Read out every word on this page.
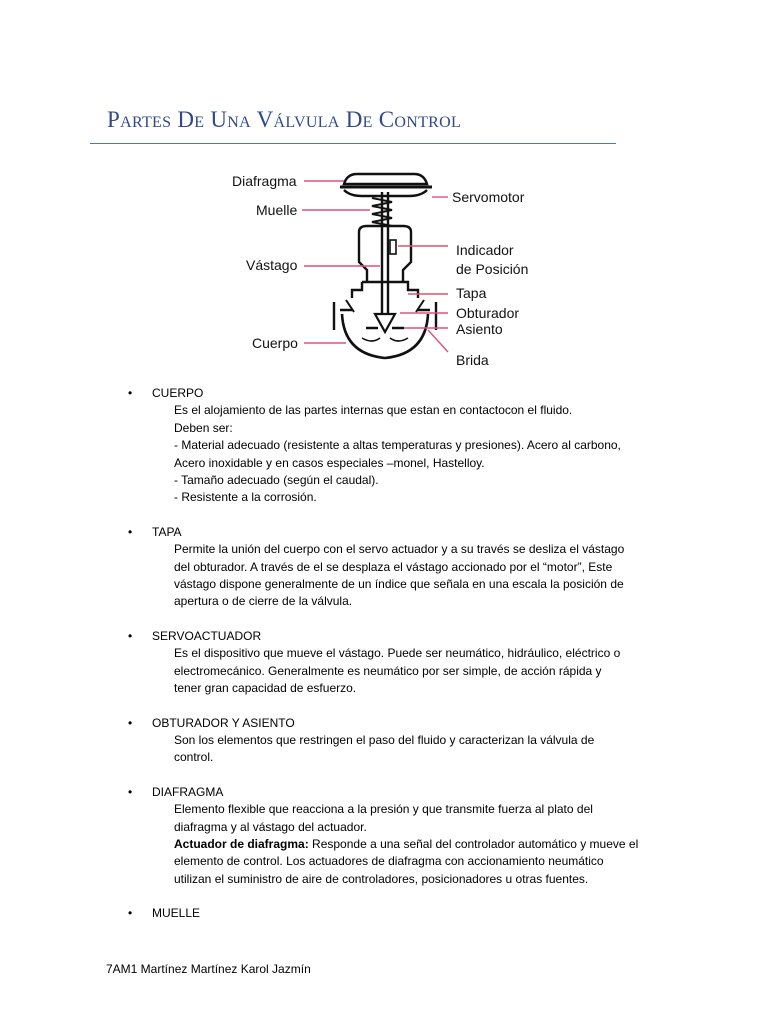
Partes De Una Válvula De Control
Diafragma
Muelle
Vástago
Cuerpo
Servomotor
Indicador
de Posición
Tapa
Obturador
Asiento
Brida
•	CUERPO

Es el alojamiento de las partes internas que estan en contactocon el fluido.

Deben ser:

- Material adecuado (resistente a altas temperaturas y presiones). Acero al carbono,

Acero inoxidable y en casos especiales –monel, Hastelloy.

- Tamaño adecuado (según el caudal).

- Resistente a la corrosión.

•	TAPA

Permite la unión del cuerpo con el servo actuador y a su través se desliza el vástago

del obturador. A través de el se desplaza el vástago accionado por el “motor”, Este

vástago dispone generalmente de un índice que señala en una escala la posición de

apertura o de cierre de la válvula.

•	SERVOACTUADOR

Es el dispositivo que mueve el vástago. Puede ser neumático, hidráulico, eléctrico o

electromecánico. Generalmente es neumático por ser simple, de acción rápida y

tener gran capacidad de esfuerzo.

•	OBTURADOR Y ASIENTO

Son los elementos que restringen el paso del fluido y caracterizan la válvula de

control.

•	DIAFRAGMA

Elemento flexible que reacciona a la presión y que transmite fuerza al plato del

diafragma y al vástago del actuador.

Actuador de diafragma: Responde a una señal del controlador automático y mueve el

elemento de control. Los actuadores de diafragma con accionamiento neumático

utilizan el suministro de aire de controladores, posicionadores u otras fuentes.

•	MUELLE
7AM1 Martínez Martínez Karol Jazmín
